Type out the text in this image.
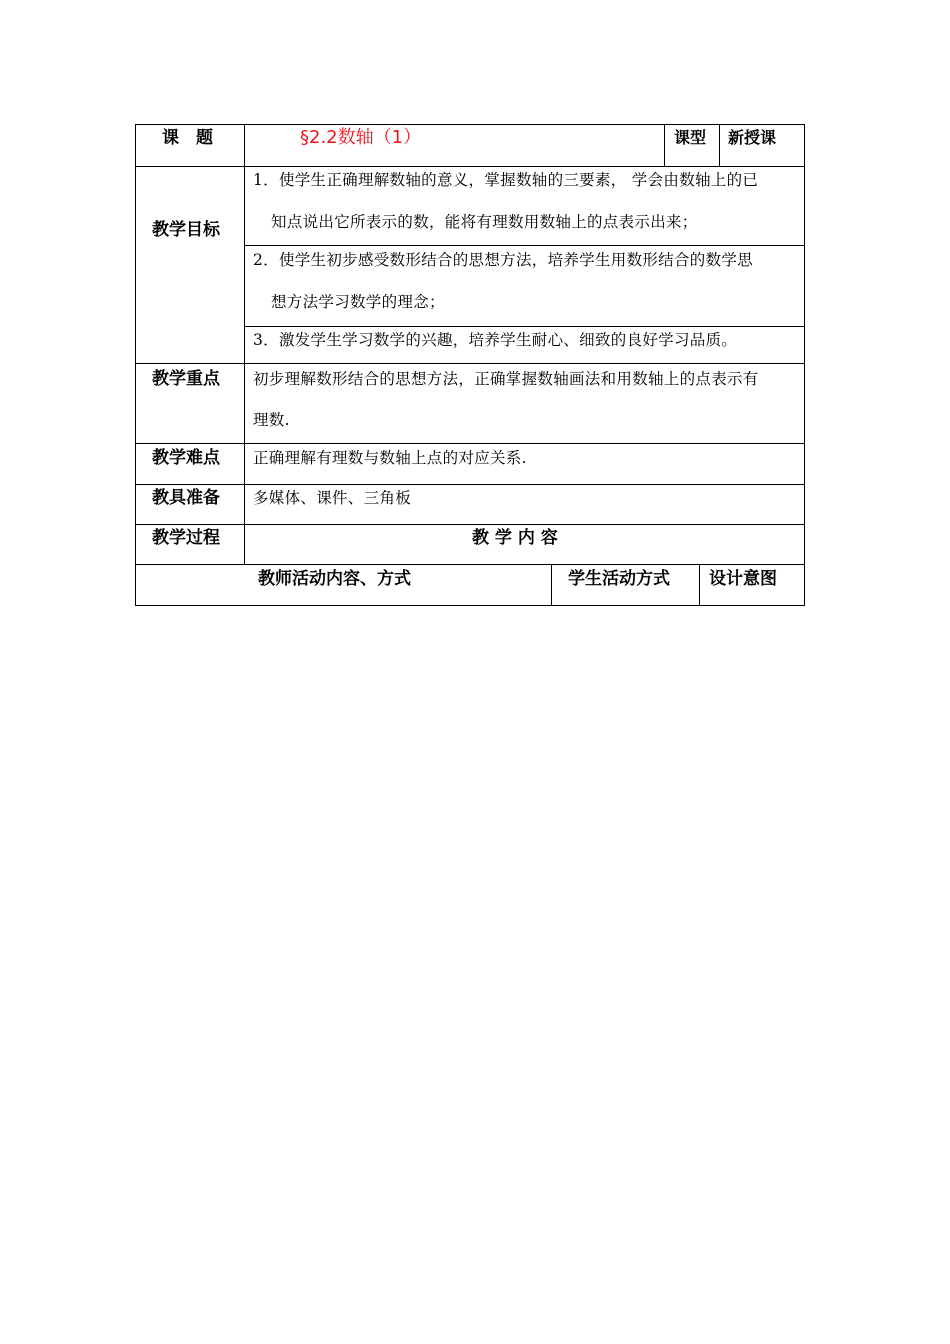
课　题	§2.2数轴（1）	课型 新授课
教学目标
1．使学生正确理解数轴的意义，掌握数轴的三要素， 学会由数轴上的已
知点说出它所表示的数，能将有理数用数轴上的点表示出来；
2．使学生初步感受数形结合的思想方法，培养学生用数形结合的数学思
想方法学习数学的理念；
3．激发学生学习数学的兴趣，培养学生耐心、细致的良好学习品质。
教学重点 初步理解数形结合的思想方法，正确掌握数轴画法和用数轴上的点表示有
理数.
教学难点 正确理解有理数与数轴上点的对应关系.
教具准备 多媒体、课件、三角板
教学过程	教 学 内 容
教师活动内容、方式	学生活动方式 设计意图
